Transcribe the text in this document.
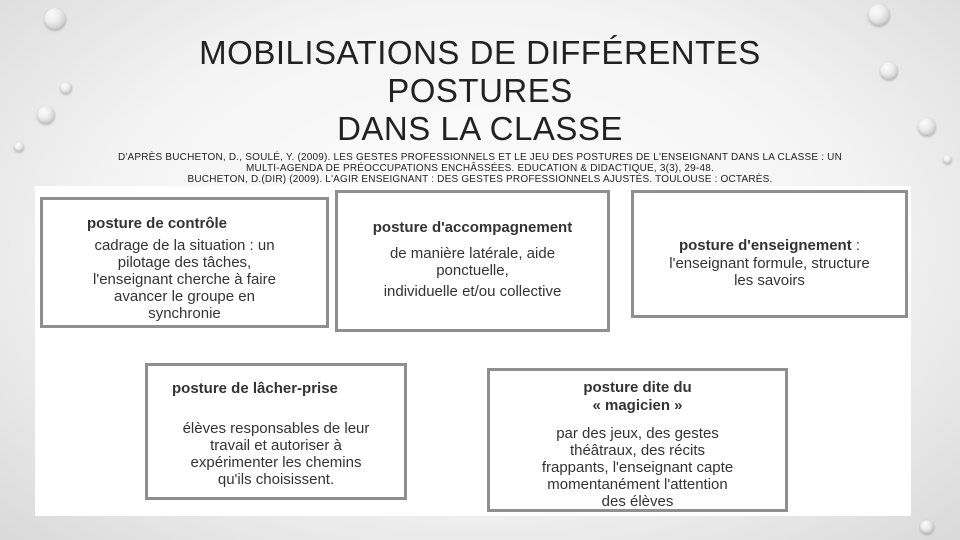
MOBILISATIONS DE DIFFÉRENTES
POSTURES
DANS LA CLASSE
D'APRÈS BUCHETON, D., SOULÉ, Y. (2009). LES GESTES PROFESSIONNELS ET LE JEU DES POSTURES DE L'ENSEIGNANT DANS LA CLASSE : UN
MULTI-AGENDA DE PRÉOCCUPATIONS ENCHÂSSÉES. EDUCATION & DIDACTIQUE, 3(3), 29-48.
BUCHETON, D.(DIR) (2009). L'AGIR ENSEIGNANT : DES GESTES PROFESSIONNELS AJUSTÉS. TOULOUSE : OCTARÈS.
posture de contrôle
cadrage de la situation : un
pilotage des tâches,
l'enseignant cherche à faire
avancer le groupe en
synchronie
posture d'accompagnement
de manière latérale, aide
ponctuelle,
individuelle et/ou collective
posture d'enseignement :
l'enseignant formule, structure
les savoirs
posture de lâcher-prise
élèves responsables de leur
travail et autoriser à
expérimenter les chemins
qu'ils choisissent.
posture dite du
« magicien »
par des jeux, des gestes
théâtraux, des récits
frappants, l'enseignant capte
momentanément l'attention
des élèves
